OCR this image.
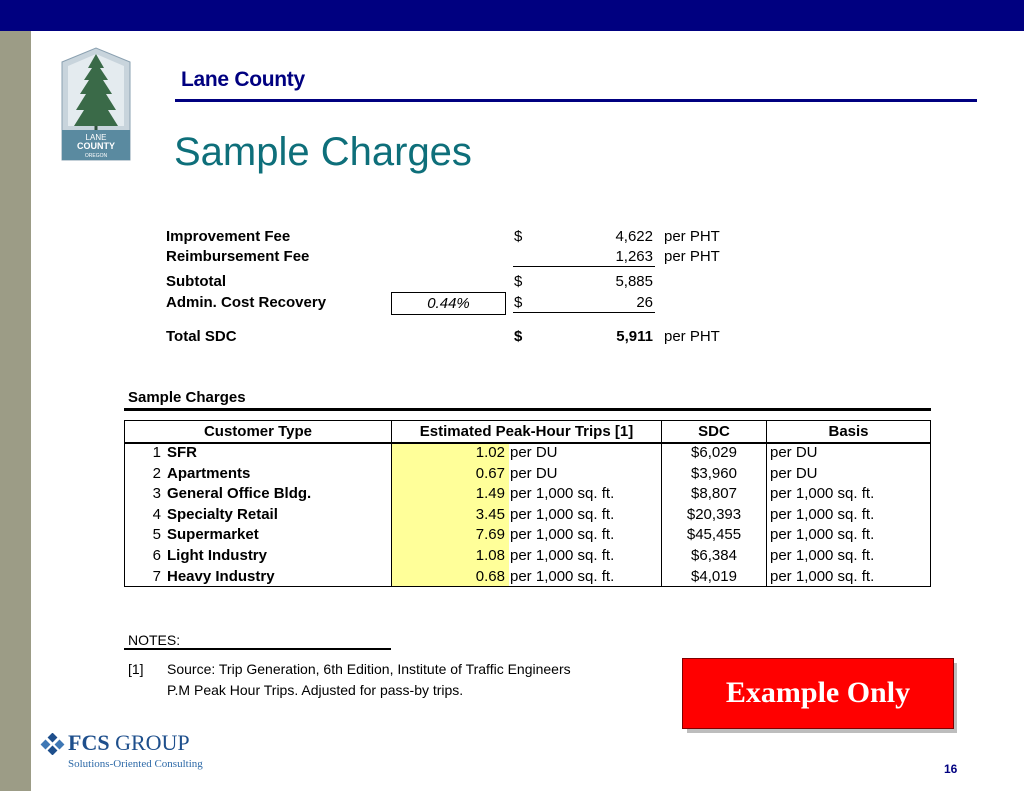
LANE
COUNTY
OREGON
Lane County
Sample Charges
Improvement Fee	$	4,622 per PHT
Reimbursement Fee	1,263 per PHT
Subtotal	$	5,885
Admin. Cost Recovery	0.44%	$	26
Total SDC	$	5,911 per PHT
Sample Charges
Customer Type	Estimated Peak-Hour Trips [1]	SDC	Basis
1 SFR	1.02 per DU	$6,029	per DU
2 Apartments	0.67 per DU	$3,960	per DU
3 General Office Bldg.	1.49 per 1,000 sq. ft.	$8,807	per 1,000 sq. ft.
4 Specialty Retail	3.45 per 1,000 sq. ft.	$20,393	per 1,000 sq. ft.
5 Supermarket	7.69 per 1,000 sq. ft.	$45,455	per 1,000 sq. ft.
6 Light Industry	1.08 per 1,000 sq. ft.	$6,384	per 1,000 sq. ft.
7 Heavy Industry	0.68 per 1,000 sq. ft.	$4,019	per 1,000 sq. ft.
NOTES:
[1] Source: Trip Generation, 6th Edition, Institute of Traffic Engineers
P.M Peak Hour Trips. Adjusted for pass-by trips.	Example Only
FCS GROUP
Solutions-Oriented Consulting	16
